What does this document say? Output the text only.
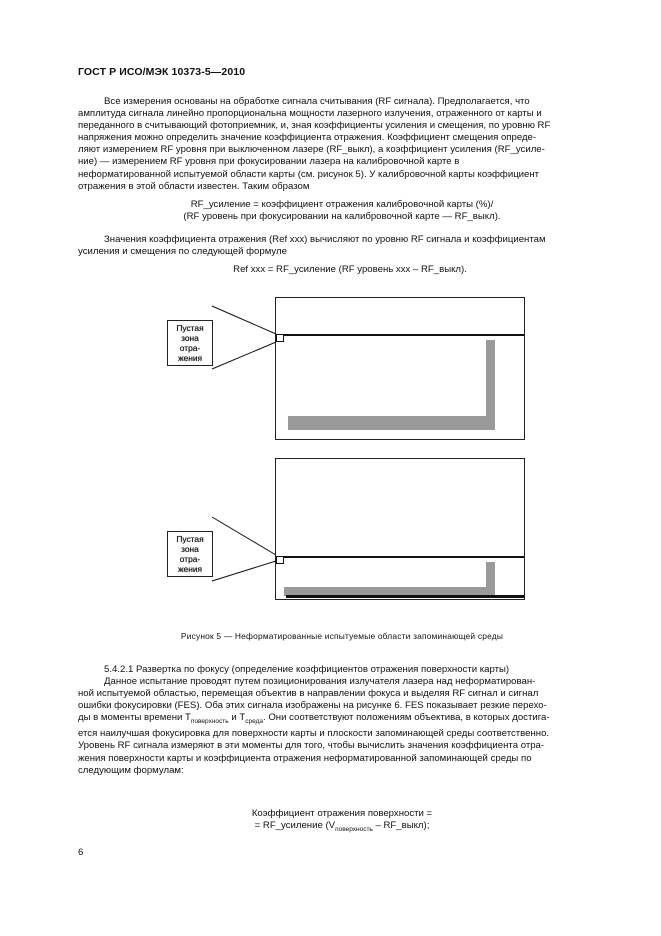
ГОСТ Р ИСО/МЭК 10373-5—2010
Все измерения основаны на обработке сигнала считывания (RF сигнала). Предполагается, что
амплитуда сигнала линейно пропорциональна мощности лазерного излучения, отраженного от карты и
переданного в считывающий фотоприемник, и, зная коэффициенты усиления и смещения, по уровню RF
напряжения можно определить значение коэффициента отражения. Коэффициент смещения опреде-
ляют измерением RF уровня при выключенном лазере (RF_выкл), а коэффициент усиления (RF_усиле-
ние) — измерением RF уровня при фокусировании лазера на калибровочной карте в
неформатированной испытуемой области карты (см. рисунок 5). У калибровочной карты коэффициент
отражения в этой области известен. Таким образом
RF_усиление = коэффициент отражения калибровочной карты (%)/
(RF уровень при фокусировании на калибровочной карте — RF_выкл).
Значения коэффициента отражения (Ref xxx) вычисляют по уровню RF сигнала и коэффициентам
усиления и смещения по следующей формуле
Ref xxx = RF_усиление (RF уровень xxx – RF_выкл).
Пустая
зона
отра-
жения
Пустая
зона
отра-
жения
Рисунок 5 — Неформатированные испытуемые области запоминающей среды
5.4.2.1 Развертка по фокусу (определение коэффициентов отражения поверхности карты)
Данное испытание проводят путем позиционирования излучателя лазера над неформатирован-
ной испытуемой областью, перемещая объектив в направлении фокуса и выделяя RF сигнал и сигнал
ошибки фокусировки (FES). Оба этих сигнала изображены на рисунке 6. FES показывает резкие перехо-
ды в моменты времени $T_{поверхность}$ и $T_{среда}$. Они соответствуют положениям объектива, в которых достига-
ется наилучшая фокусировка для поверхности карты и плоскости запоминающей среды соответственно.
Уровень RF сигнала измеряют в эти моменты для того, чтобы вычислить значения коэффициента отра-
жения поверхности карты и коэффициента отражения неформатированной запоминающей среды по
следующим формулам:
Коэффициент отражения поверхности =
= RF_усиление ($V_{поверхность}$ – RF_выкл);
6
